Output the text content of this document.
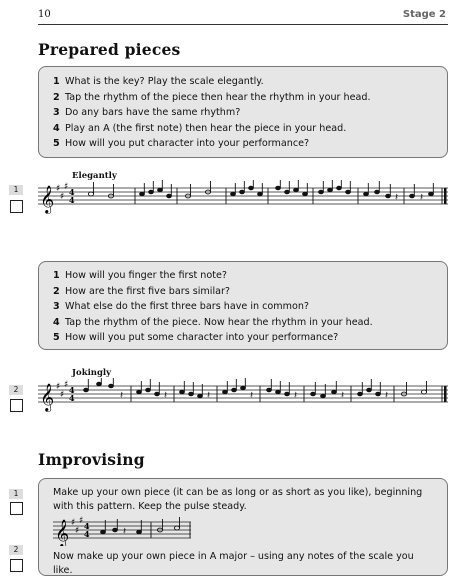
10	Stage 2
Prepared pieces
1 What is the key? Play the scale elegantly.
2 Tap the rhythm of the piece then hear the rhythm in your head.
3 Do any bars have the same rhythm?
4 Play an A (the first note) then hear the piece in your head.
5 How will you put character into your performance?
Elegantly
1 𝄞 ♯
♯
♯ 4
4	𝄽 𝄽
1 How will you finger the first note?
2 How are the first five bars similar?
3 What else do the first three bars have in common?
4 Tap the rhythm of the piece. Now hear the rhythm in your head.
5 How will you put some character into your performance?
Jokingly
2 𝄞 ♯
♯
♯ 4
4	𝄽	𝄽	𝄽	𝄽	𝄽	𝄽	𝄽
Improvising
1
2
Make up your own piece (it can be as long or as short as you like), beginning with this pattern. Keep the pulse steady.
𝄞 ♯
♯
♯ 4
4	𝄽
Now make up your own piece in A major – using any notes of the scale you like.
